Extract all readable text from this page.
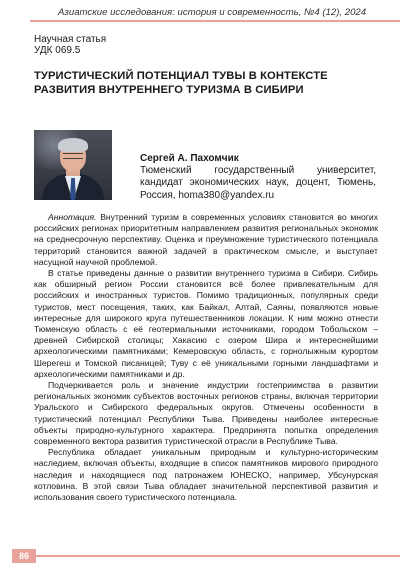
Азиатские исследования: история и современность, №4 (12), 2024
Научная статья
УДК 069.5
ТУРИСТИЧЕСКИЙ ПОТЕНЦИАЛ ТУВЫ В КОНТЕКСТЕ РАЗВИТИЯ ВНУТРЕННЕГО ТУРИЗМА В СИБИРИ
Сергей А. Пахомчик
Тюменский государственный университет, кандидат экономических наук, доцент, Тюмень, Россия, homa380@yandex.ru

Аннотация. Внутренний туризм в современных условиях становится во многих российских регионах приоритетным направлением развития региональных экономик на среднесрочную перспективу. Оценка и преумножение туристического потенциала территорий становится важной задачей в практическом смысле, и выступает насущной научной проблемой.

В статье приведены данные о развитии внутреннего туризма в Сибири. Сибирь как обширный регион России становится всё более привлекательным для российских и иностранных туристов. Помимо традиционных, популярных среди туристов, мест посещения, таких, как Байкал, Алтай, Саяны, появляются новые интересные для широкого круга путешественников локации. К ним можно отнести Тюменскую область с её геотермальными источниками, городом Тобольском – древней Сибирской столицы; Хакасию с озером Шира и интереснейшими археологическими памятниками; Кемеровскую область, с горнолыжным курортом Шерегеш и Томской писаницей; Туву с её уникальными горными ландшафтами и археологическими памятниками и др.

Подчеркивается роль и значение индустрии гостеприимства в развитии региональных экономик субъектов восточных регионов страны, включая территории Уральского и Сибирского федеральных округов. Отмечены особенности в туристический потенциал Республики Тыва. Приведены наиболее интересные объекты природно-культурного характера. Предпринята попытка определения современного вектора развития туристической отрасли в Республике Тыва.

Республика обладает уникальным природным и культурно-историческим наследием, включая объекты, входящие в список памятников мирового природного наследия и находящиеся под патронажем ЮНЕСКО, например, Убсунурская котловина. В этой связи Тыва обладает значительной перспективой развития и использования своего туристического потенциала.

86
